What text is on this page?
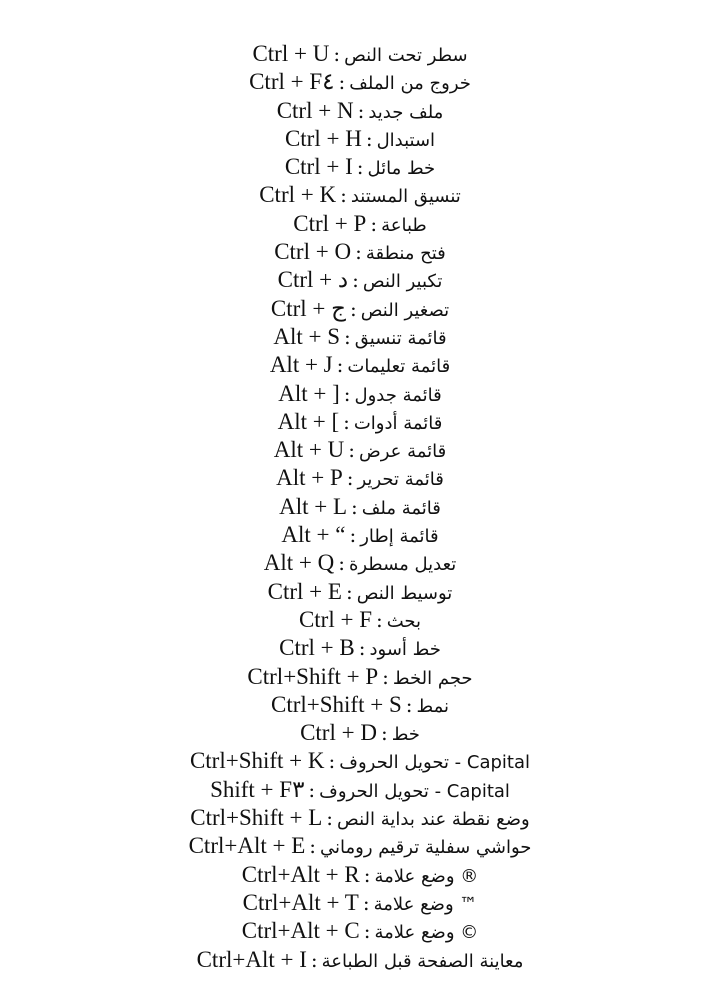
سطر تحت النص:Ctrl + U
خروج من الملف:Ctrl + F٤
ملف جديد:Ctrl + N
استبدال:Ctrl + H
خط مائل:Ctrl + I
تنسيق المستند:Ctrl + K
طباعة:Ctrl + P
فتح منطقة:Ctrl + O
تكبير النص:Ctrl + د
تصغير النص:Ctrl + ج
قائمة تنسيق:Alt + S
قائمة تعليمات:Alt + J
قائمة جدول:Alt + ]
قائمة أدوات:Alt + [
قائمة عرض:Alt + U
قائمة تحرير:Alt + P
قائمة ملف:Alt + L
قائمة إطار:Alt + “
تعديل مسطرة:Alt + Q
توسيط النص:Ctrl + E
بحث:Ctrl + F
خط أسود:Ctrl + B
حجم الخط:Ctrl+Shift + P
نمط:Ctrl+Shift + S
خط:Ctrl + D
Capital - تحويل الحروف:Ctrl+Shift + K
Capital - تحويل الحروف:Shift + F٣
وضع نقطة عند بداية النص:Ctrl+Shift + L
حواشي سفلية ترقيم روماني:Ctrl+Alt + E
® وضع علامة:Ctrl+Alt + R
™ وضع علامة:Ctrl+Alt + T
© وضع علامة:Ctrl+Alt + C
معاينة الصفحة قبل الطباعة:Ctrl+Alt + I
